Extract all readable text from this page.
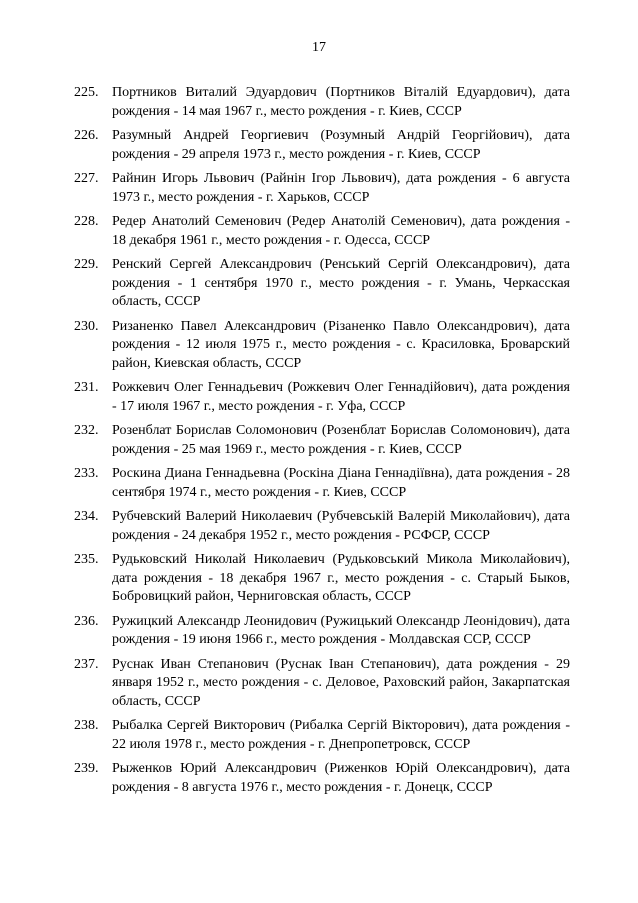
17
225. Портников Виталий Эдуардович (Портников Віталій Едуардович), дата рождения - 14 мая 1967 г., место рождения - г. Киев, СССР
226. Разумный Андрей Георгиевич (Розумный Андрій Георгійович), дата рождения - 29 апреля 1973 г., место рождения - г. Киев, СССР
227. Райнин Игорь Львович (Райнін Ігор Львович), дата рождения - 6 августа 1973 г., место рождения - г. Харьков, СССР
228. Редер Анатолий Семенович (Редер Анатолій Семенович), дата рождения - 18 декабря 1961 г., место рождения - г. Одесса, СССР
229. Ренский Сергей Александрович (Ренський Сергій Олександрович), дата рождения - 1 сентября 1970 г., место рождения - г. Умань, Черкасская область, СССР
230. Ризаненко Павел Александрович (Різаненко Павло Олександрович), дата рождения - 12 июля 1975 г., место рождения - с. Красиловка, Броварский район, Киевская область, СССР
231. Рожкевич Олег Геннадьевич (Рожкевич Олег Геннадійович), дата рождения - 17 июля 1967 г., место рождения - г. Уфа, СССР
232. Розенблат Борислав Соломонович (Розенблат Борислав Соломонович), дата рождения - 25 мая 1969 г., место рождения - г. Киев, СССР
233. Роскина Диана Геннадьевна (Роскіна Діана Геннадіївна), дата рождения - 28 сентября 1974 г., место рождения - г. Киев, СССР
234. Рубчевский Валерий Николаевич (Рубчевській Валерій Миколайович), дата рождения - 24 декабря 1952 г., место рождения - РСФСР, СССР
235. Рудьковский Николай Николаевич (Рудьковський Микола Миколайович), дата рождения - 18 декабря 1967 г., место рождения - с. Старый Быков, Бобровицкий район, Черниговская область, СССР
236. Ружицкий Александр Леонидович (Ружицький Олександр Леонідович), дата рождения - 19 июня 1966 г., место рождения - Молдавская ССР, СССР
237. Руснак Иван Степанович (Руснак Іван Степанович), дата рождения - 29 января 1952 г., место рождения - с. Деловое, Раховский район, Закарпатская область, СССР
238. Рыбалка Сергей Викторович (Рибалка Сергій Вікторович), дата рождения - 22 июля 1978 г., место рождения - г. Днепропетровск, СССР
239. Рыженков Юрий Александрович (Риженков Юрій Олександрович), дата рождения - 8 августа 1976 г., место рождения - г. Донецк, СССР
